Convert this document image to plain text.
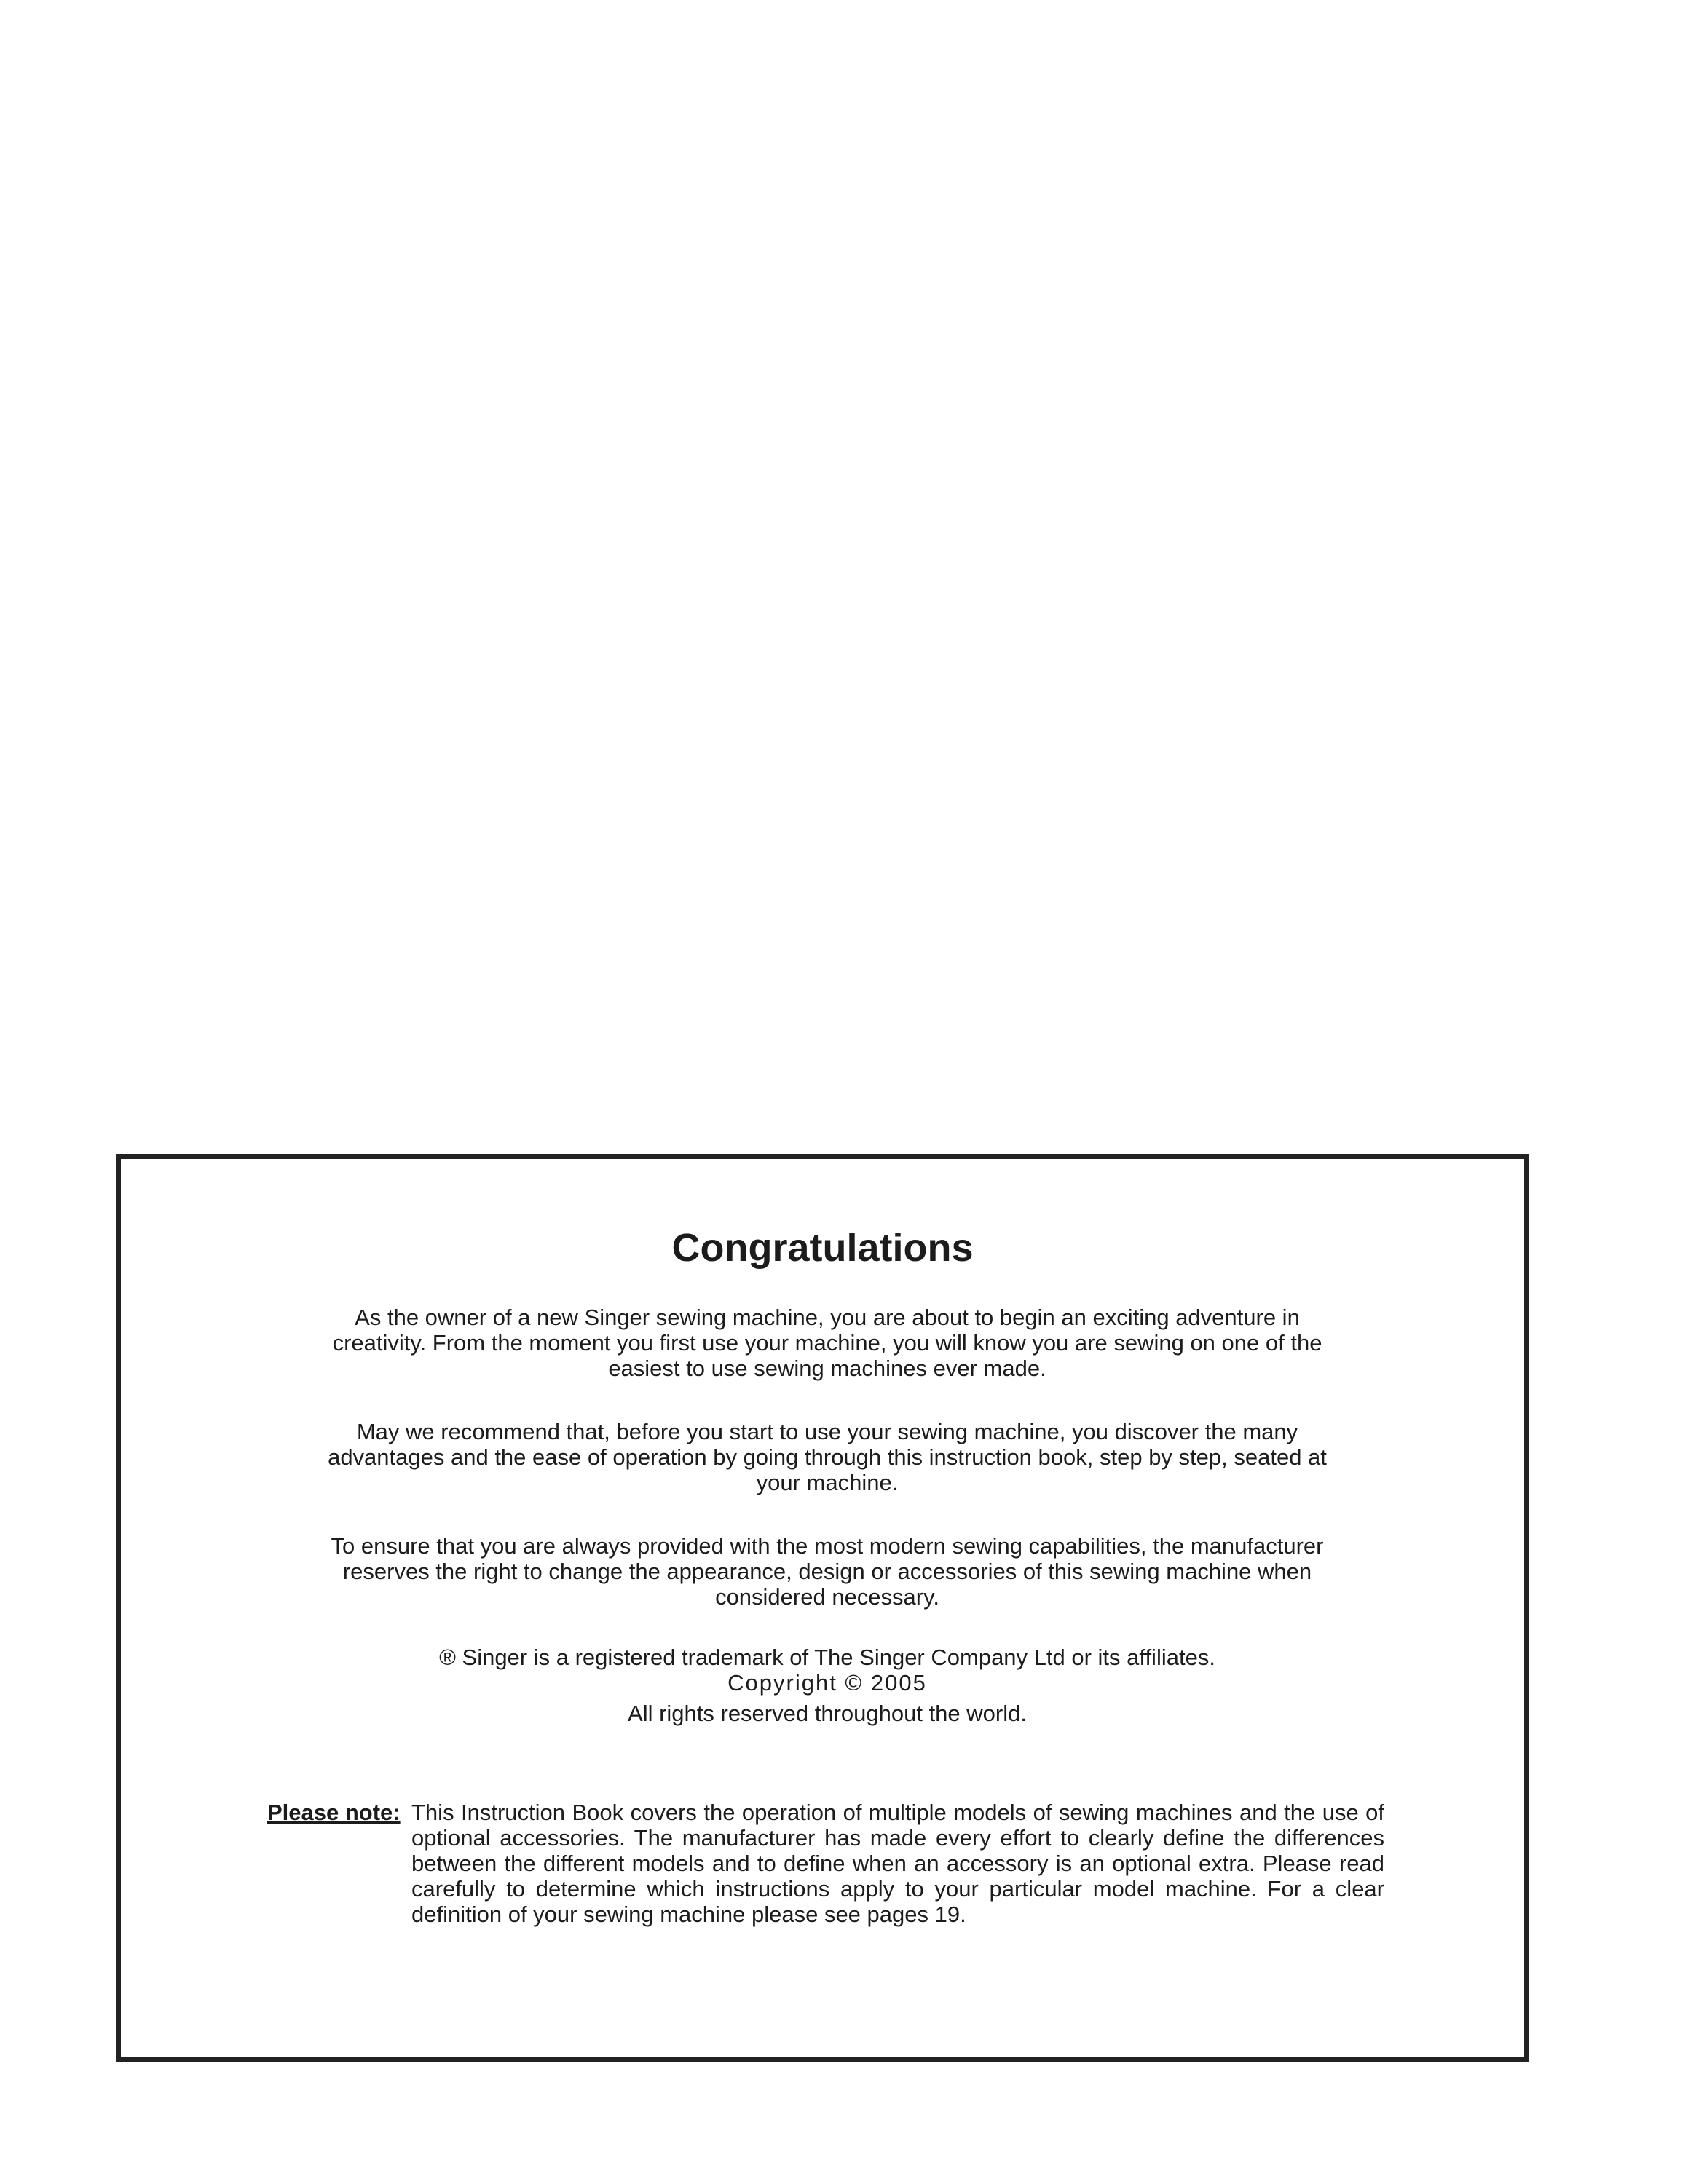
Congratulations

As the owner of a new Singer sewing machine, you are about to begin an exciting adventure in creativity. From the moment you first use your machine, you will know you are sewing on one of the easiest to use sewing machines ever made.

May we recommend that, before you start to use your sewing machine, you discover the many advantages and the ease of operation by going through this instruction book, step by step, seated at your machine.

To ensure that you are always provided with the most modern sewing capabilities, the manufacturer reserves the right to change the appearance, design or accessories of this sewing machine when considered necessary.

® Singer is a registered trademark of The Singer Company Ltd or its affiliates.

Copyright © 2005

All rights reserved throughout the world.

Please note: This Instruction Book covers the operation of multiple models of sewing machines and the use of optional accessories. The manufacturer has made every effort to clearly define the differences between the different models and to define when an accessory is an optional extra. Please read carefully to determine which instructions apply to your particular model machine. For a clear definition of your sewing machine please see pages 19.
